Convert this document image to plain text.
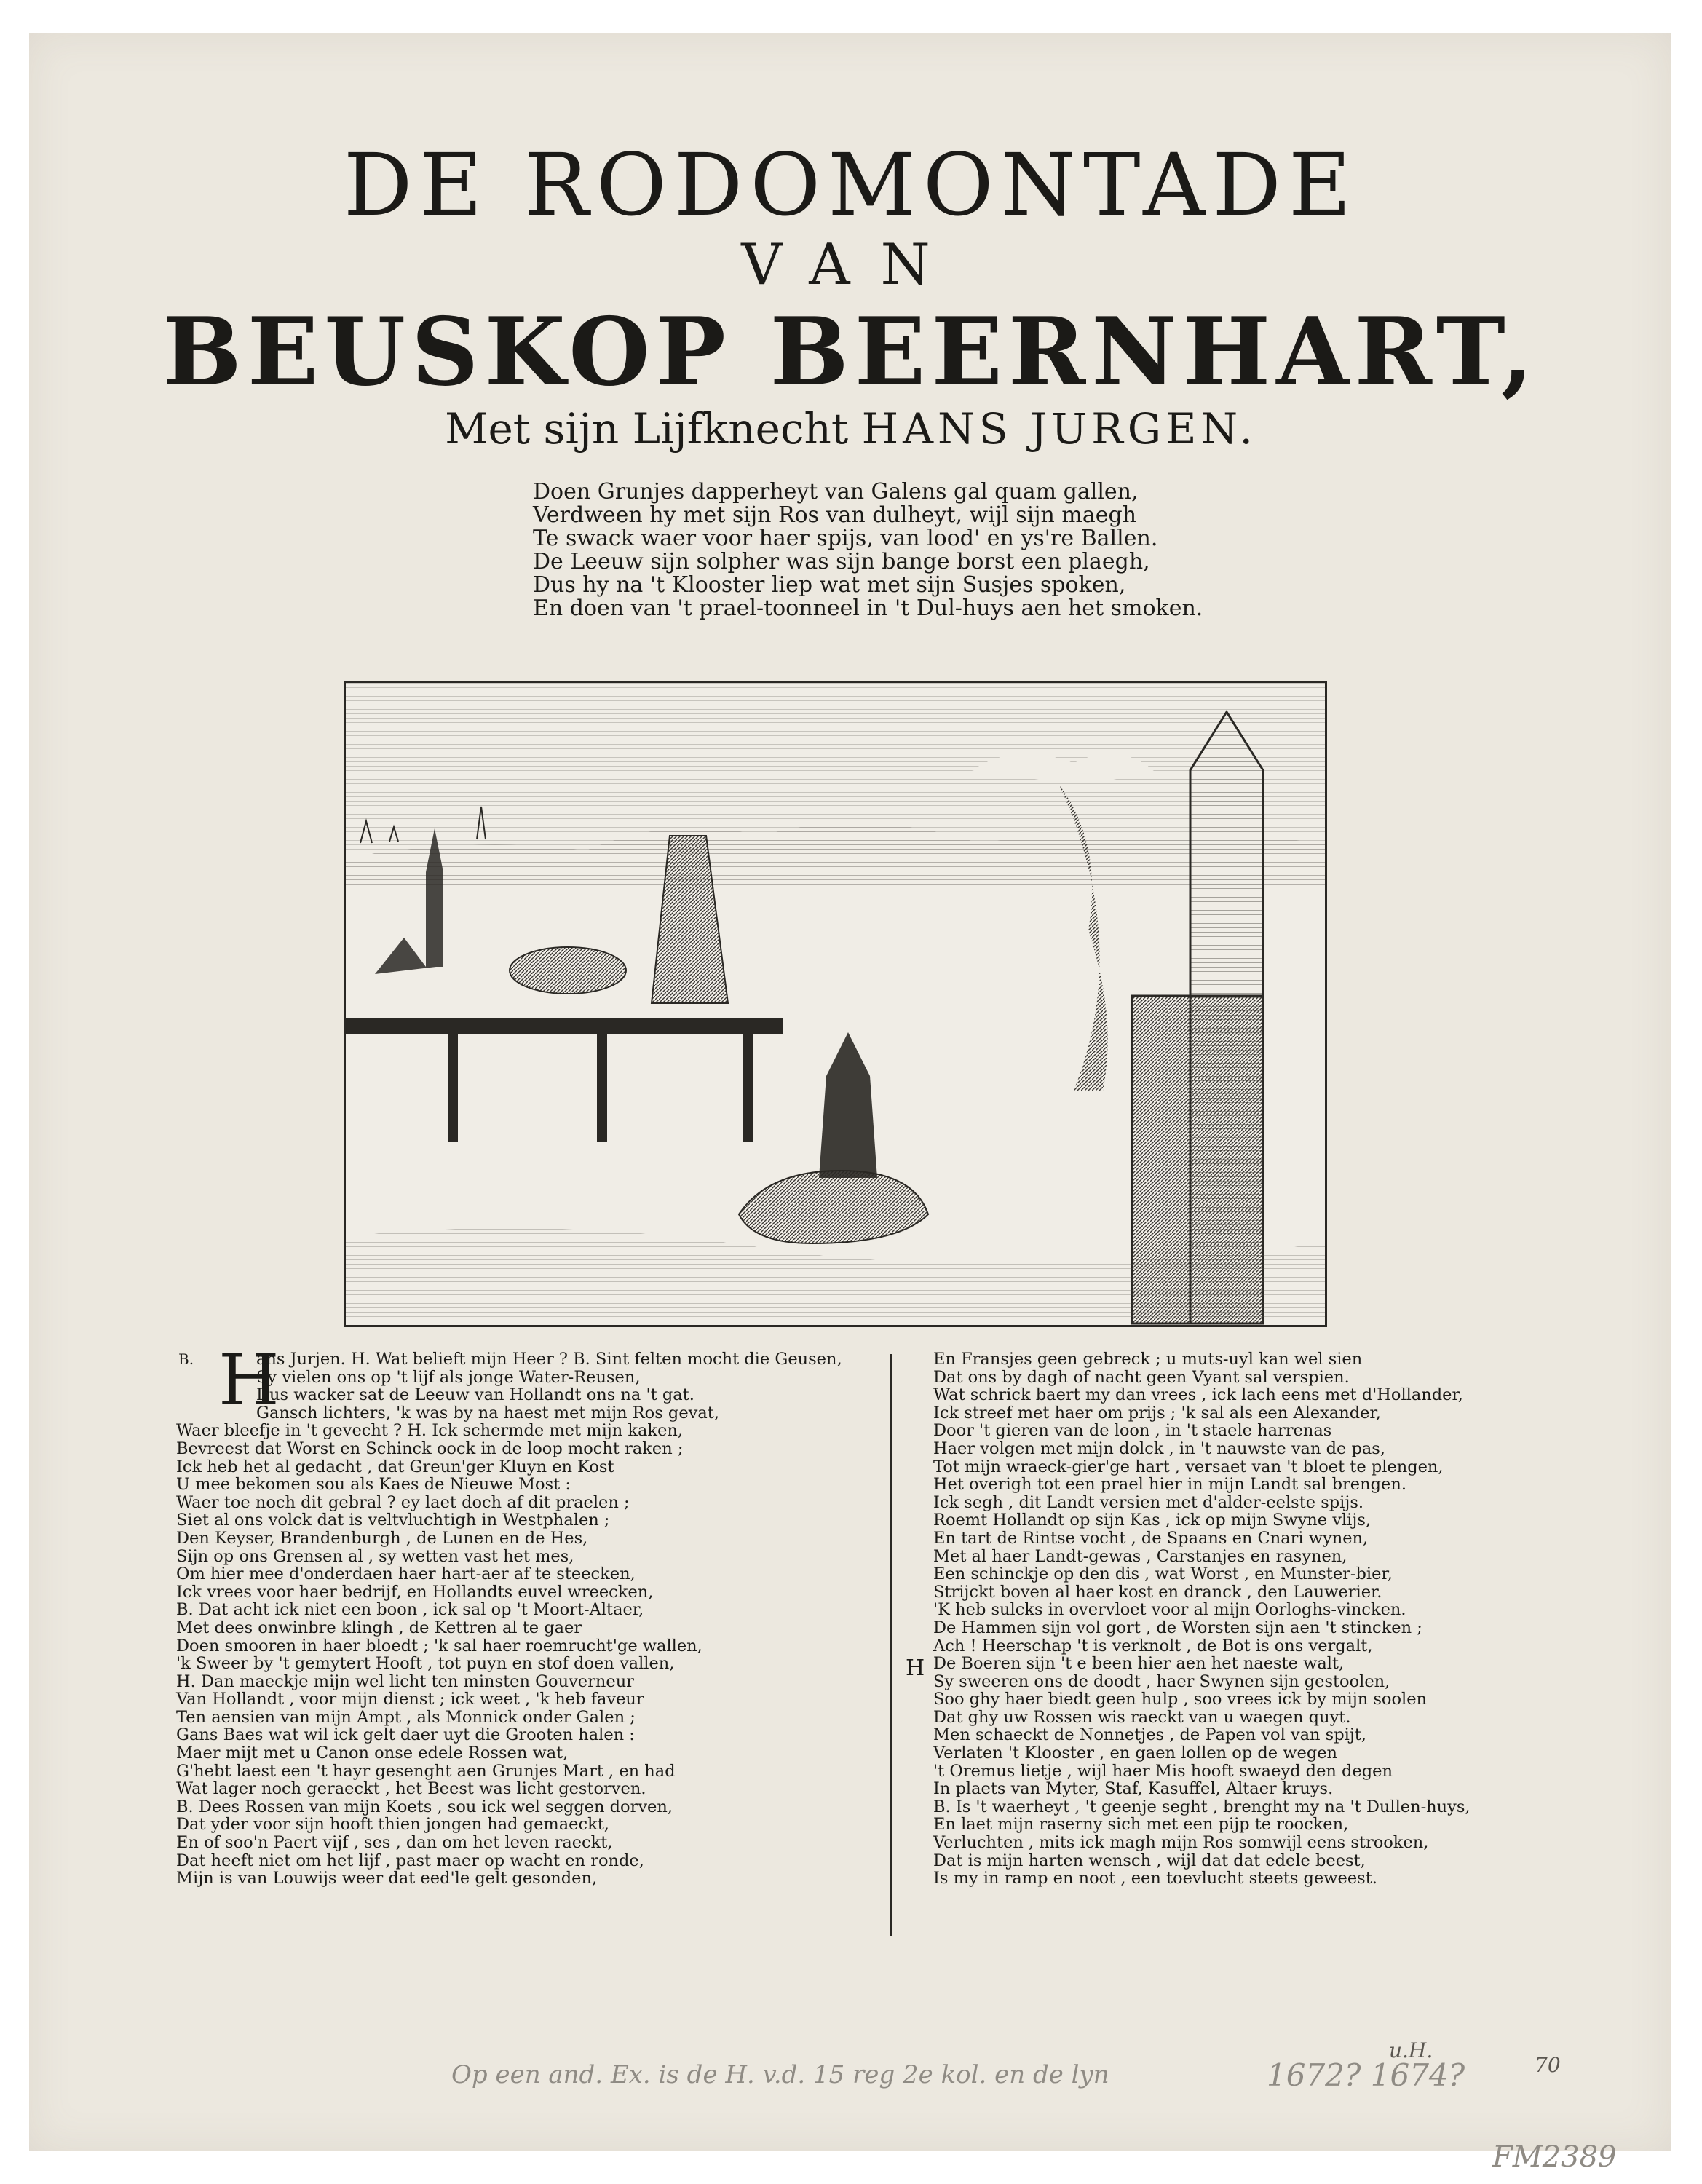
DE RODOMONTADE
VAN
BEUSKOP BEERNHART,
Met sijn Lijfknecht HANS JURGEN.
Doen Grunjes dapperheyt van Galens gal quam gallen,
Verdween hy met sijn Ros van dulheyt, wijl sijn maegh
Te swack waer voor haer spijs, van lood' en ys're Ballen.
De Leeuw sijn solpher was sijn bange borst een plaegh,
Dus hy na 't Klooster liep wat met sijn Susjes spoken,
En doen van 't prael-toonneel in 't Dul-huys aen het smoken.
B. H
ans Jurjen. H. Wat belieft mijn Heer ? B. Sint felten mocht die Geusen,
Sy vielen ons op 't lijf als jonge Water-Reusen,
Dus wacker sat de Leeuw van Hollandt ons na 't gat.
Gansch lichters, 'k was by na haest met mijn Ros gevat,
Waer bleefje in 't gevecht ? H. Ick schermde met mijn kaken,
Bevreest dat Worst en Schinck oock in de loop mocht raken ;
Ick heb het al gedacht , dat Greun'ger Kluyn en Kost
U mee bekomen sou als Kaes de Nieuwe Most :
Waer toe noch dit gebral ? ey laet doch af dit praelen ;
Siet al ons volck dat is veltvluchtigh in Westphalen ;
Den Keyser, Brandenburgh , de Lunen en de Hes,
Sijn op ons Grensen al , sy wetten vast het mes,
Om hier mee d'onderdaen haer hart-aer af te steecken,
Ick vrees voor haer bedrijf, en Hollandts euvel wreecken,
B. Dat acht ick niet een boon , ick sal op 't Moort-Altaer,
Met dees onwinbre klingh , de Kettren al te gaer
Doen smooren in haer bloedt ; 'k sal haer roemrucht'ge wallen,
'k Sweer by 't gemytert Hooft , tot puyn en stof doen vallen,
H. Dan maeckje mijn wel licht ten minsten Gouverneur
Van Hollandt , voor mijn dienst ; ick weet , 'k heb faveur
Ten aensien van mijn Ampt , als Monnick onder Galen ;
Gans Baes wat wil ick gelt daer uyt die Grooten halen :
Maer mijt met u Canon onse edele Rossen wat,
G'hebt laest een 't hayr gesenght aen Grunjes Mart , en had
Wat lager noch geraeckt , het Beest was licht gestorven.
B. Dees Rossen van mijn Koets , sou ick wel seggen dorven,
Dat yder voor sijn hooft thien jongen had gemaeckt,
En of soo'n Paert vijf , ses , dan om het leven raeckt,
Dat heeft niet om het lijf , past maer op wacht en ronde,
Mijn is van Louwijs weer dat eed'le gelt gesonden,
H
En Fransjes geen gebreck ; u muts-uyl kan wel sien
Dat ons by dagh of nacht geen Vyant sal verspien.
Wat schrick baert my dan vrees , ick lach eens met d'Hollander,
Ick streef met haer om prijs ; 'k sal als een Alexander,
Door 't gieren van de loon , in 't staele harrenas
Haer volgen met mijn dolck , in 't nauwste van de pas,
Tot mijn wraeck-gier'ge hart , versaet van 't bloet te plengen,
Het overigh tot een prael hier in mijn Landt sal brengen.
Ick segh , dit Landt versien met d'alder-eelste spijs.
Roemt Hollandt op sijn Kas , ick op mijn Swyne vlijs,
En tart de Rintse vocht , de Spaans en Cnari wynen,
Met al haer Landt-gewas , Carstanjes en rasynen,
Een schinckje op den dis , wat Worst , en Munster-bier,
Strijckt boven al haer kost en dranck , den Lauwerier.
'K heb sulcks in overvloet voor al mijn Oorloghs-vincken.
De Hammen sijn vol gort , de Worsten sijn aen 't stincken ;
Ach ! Heerschap 't is verknolt , de Bot is ons vergalt,
De Boeren sijn 't e been hier aen het naeste walt,
Sy sweeren ons de doodt , haer Swynen sijn gestoolen,
Soo ghy haer biedt geen hulp , soo vrees ick by mijn soolen
Dat ghy uw Rossen wis raeckt van u waegen quyt.
Men schaeckt de Nonnetjes , de Papen vol van spijt,
Verlaten 't Klooster , en gaen lollen op de wegen
't Oremus lietje , wijl haer Mis hooft swaeyd den degen
In plaets van Myter, Staf, Kasuffel, Altaer kruys.
B. Is 't waerheyt , 't geenje seght , brenght my na 't Dullen-huys,
En laet mijn raserny sich met een pijp te roocken,
Verluchten , mits ick magh mijn Ros somwijl eens strooken,
Dat is mijn harten wensch , wijl dat dat edele beest,
Is my in ramp en noot , een toevlucht steets geweest.
Op een and. Ex. is de H. v.d. 15 reg 2e kol. en de lyn	1672? 1674?
u.H.
70
FM2389
